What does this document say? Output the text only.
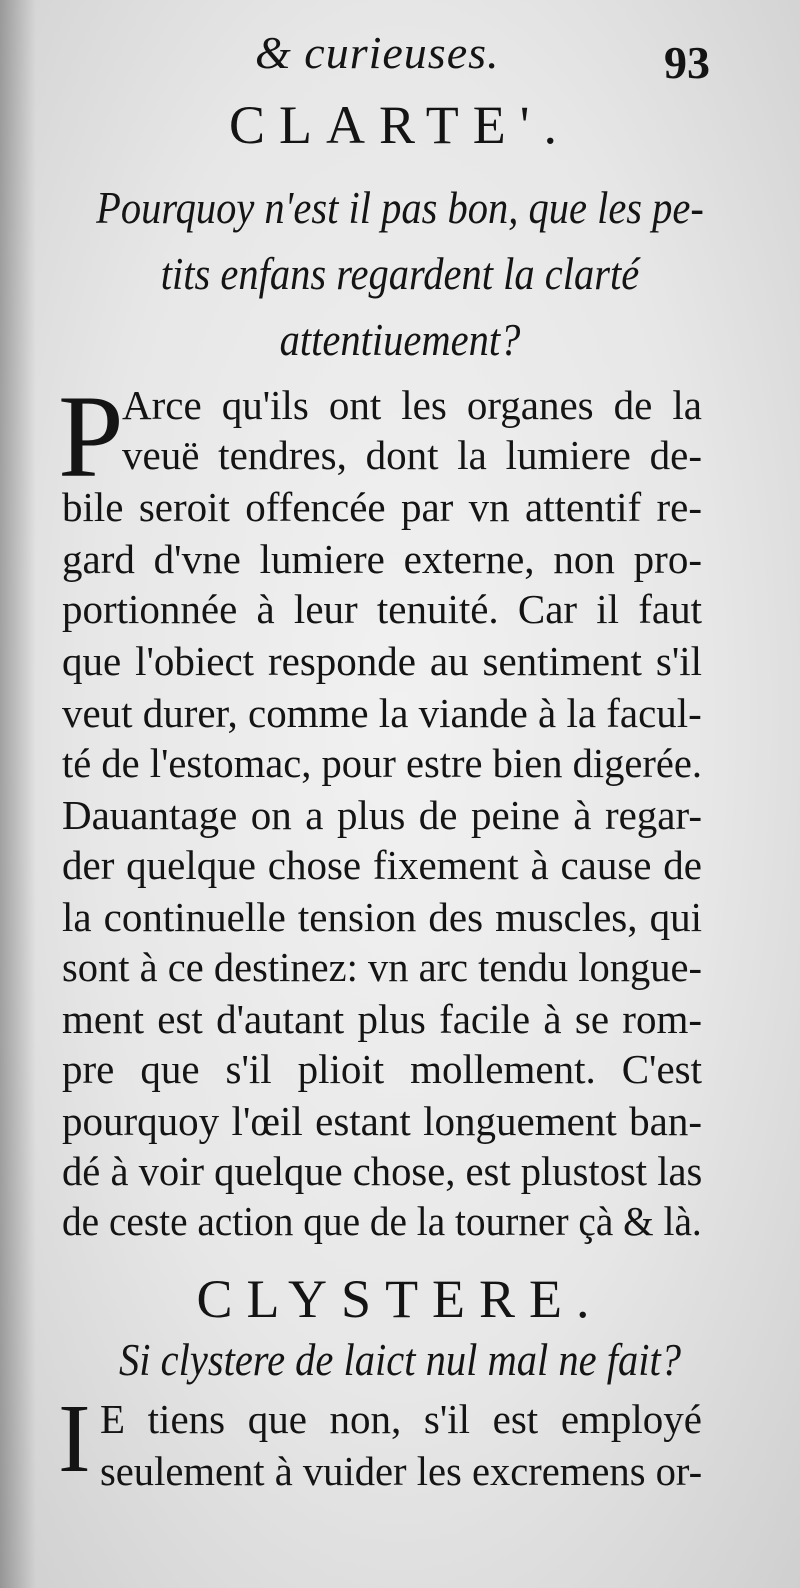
& curieuses.	93
CLARTE'.
Pourquoy n'est il pas bon, que les pe-
tits enfans regardent la clarté
attentiuement?
P
Arce qu'ils ont les organes de la
veuë tendres, dont la lumiere de-
bile seroit offencée par vn attentif re-
gard d'vne lumiere externe, non pro-
portionnée à leur tenuité. Car il faut
que l'obiect responde au sentiment s'il
veut durer, comme la viande à la facul-
té de l'estomac, pour estre bien digerée.
Dauantage on a plus de peine à regar-
der quelque chose fixement à cause de
la continuelle tension des muscles, qui
sont à ce destinez: vn arc tendu longue-
ment est d'autant plus facile à se rom-
pre que s'il plioit mollement. C'est
pourquoy l'œil estant longuement ban-
dé à voir quelque chose, est plustost las
de ceste action que de la tourner çà & là.
CLYSTERE.
Si clystere de laict nul mal ne fait?
I E tiens que non, s'il est employé
seulement à vuider les excremens or-
